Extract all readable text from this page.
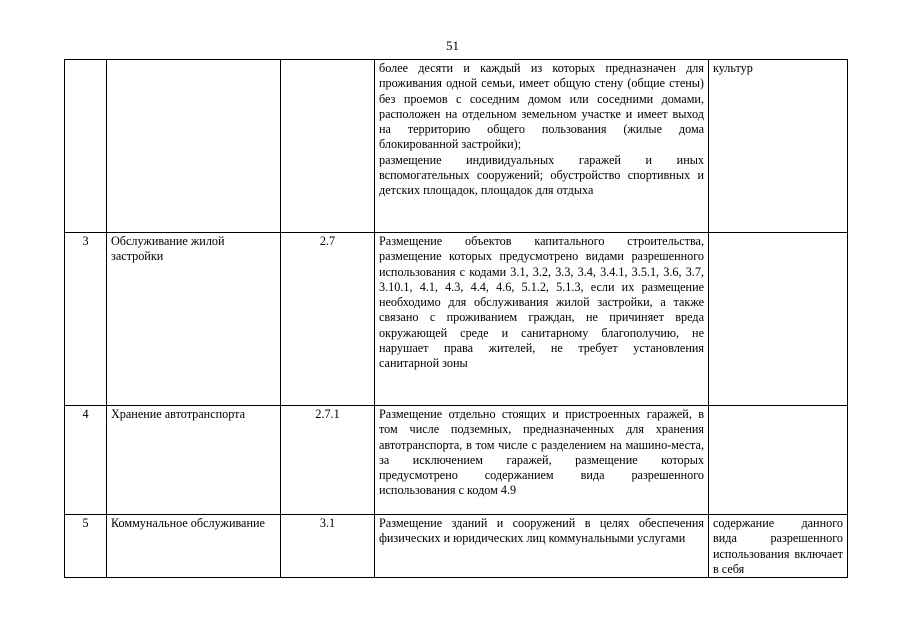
51

			более десяти и каждый из которых предназначен для проживания одной семьи, имеет общую стену (общие стены) без проемов с соседним домом или соседними домами, расположен на отдельном земельном участке и имеет выход на территорию общего пользования (жилые дома блокированной застройки);

размещение индивидуальных гаражей и иных вспомогательных сооружений; обустройство спортивных и детских площадок, площадок для отдыха	культур
3	Обслуживание жилой застройки	2.7	Размещение объектов капитального строительства, размещение которых предусмотрено видами разрешенного использования с кодами 3.1, 3.2, 3.3, 3.4, 3.4.1, 3.5.1, 3.6, 3.7, 3.10.1, 4.1, 4.3, 4.4, 4.6, 5.1.2, 5.1.3, если их размещение необходимо для обслуживания жилой застройки, а также связано с проживанием граждан, не причиняет вреда окружающей среде и санитарному благополучию, не нарушает права жителей, не требует установления санитарной зоны	

4	Хранение автотранспорта	2.7.1	Размещение отдельно стоящих и пристроенных гаражей, в том числе подземных, предназначенных для хранения автотранспорта, в том числе с разделением на машино-места, за исключением гаражей, размещение которых предусмотрено содержанием вида разрешенного использования с кодом 4.9	

5	Коммунальное обслуживание	3.1	Размещение зданий и сооружений в целях обеспечения физических и юридических лиц коммунальными услугами	содержание данного вида разрешенного использования включает в себя
